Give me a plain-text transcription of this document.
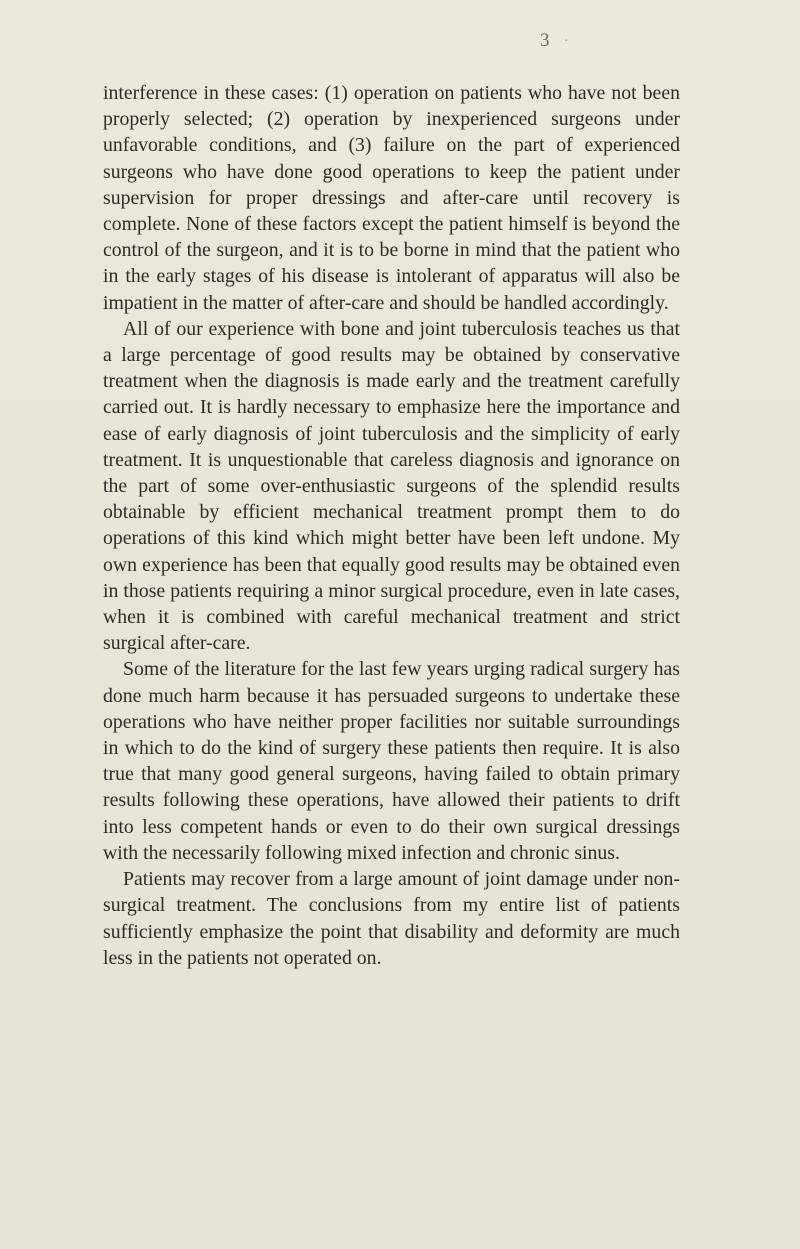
3 ·

interference in these cases: (1) operation on patients who have not been properly selected; (2) operation by inexperienced surgeons under unfavorable conditions, and (3) failure on the part of experienced surgeons who have done good operations to keep the patient under supervision for proper dressings and after-care until recovery is complete. None of these factors except the patient himself is beyond the control of the surgeon, and it is to be borne in mind that the patient who in the early stages of his disease is intolerant of apparatus will also be impatient in the matter of after-care and should be handled accordingly.

All of our experience with bone and joint tuberculosis teaches us that a large percentage of good results may be obtained by conservative treatment when the diagnosis is made early and the treatment carefully carried out. It is hardly necessary to emphasize here the importance and ease of early diagnosis of joint tuberculosis and the simplicity of early treatment. It is unquestionable that careless diagnosis and ignorance on the part of some over-enthusiastic surgeons of the splendid results obtainable by efficient mechanical treatment prompt them to do operations of this kind which might better have been left undone. My own experience has been that equally good results may be obtained even in those patients requiring a minor surgical procedure, even in late cases, when it is combined with careful mechanical treatment and strict surgical after-care.

Some of the literature for the last few years urging radical surgery has done much harm because it has persuaded surgeons to undertake these operations who have neither proper facilities nor suitable surroundings in which to do the kind of surgery these patients then require. It is also true that many good general surgeons, having failed to obtain primary results following these operations, have allowed their patients to drift into less competent hands or even to do their own surgical dressings with the necessarily following mixed infection and chronic sinus.

Patients may recover from a large amount of joint damage under non-surgical treatment. The conclusions from my entire list of patients sufficiently emphasize the point that disability and deformity are much less in the patients not operated on.
